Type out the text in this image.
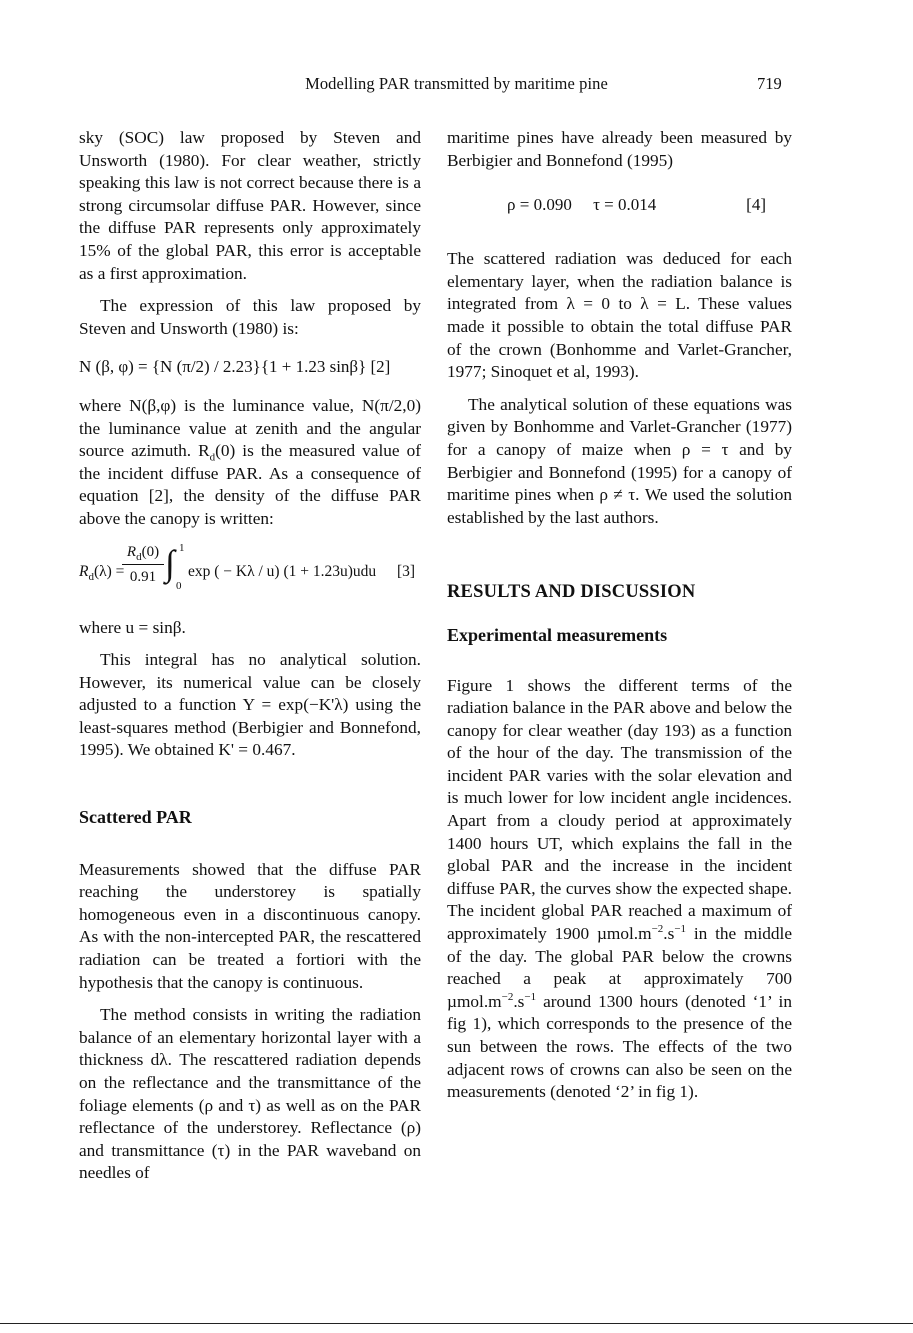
Modelling PAR transmitted by maritime pine	719

sky (SOC) law proposed by Steven and Unsworth (1980). For clear weather, strictly speaking this law is not correct because there is a strong circumsolar diffuse PAR. However, since the diffuse PAR represents only approximately 15% of the global PAR, this error is acceptable as a first approximation.

The expression of this law proposed by Steven and Unsworth (1980) is:

N (β, φ) = {N (π/2) / 2.23}{1 + 1.23 sinβ} [2]

where N(β,φ) is the luminance value, N(π/2,0) the luminance value at zenith and the angular source azimuth. $R_d(0)$ is the measured value of the incident diffuse PAR. As a consequence of equation [2], the density of the diffuse PAR above the canopy is written:

$R_d(\lambda)$ =
$R_d(0)$
0.91 ∫ 1
0
exp ( − Kλ / u) (1 + 1.23u)udu [3]

where u = sinβ.

This integral has no analytical solution. However, its numerical value can be closely adjusted to a function Y = exp(−K'λ) using the least-squares method (Berbigier and Bonnefond, 1995). We obtained K' = 0.467.

Scattered PAR

Measurements showed that the diffuse PAR reaching the understorey is spatially homogeneous even in a discontinuous canopy. As with the non-intercepted PAR, the rescattered radiation can be treated a fortiori with the hypothesis that the canopy is continuous.

The method consists in writing the radiation balance of an elementary horizontal layer with a thickness dλ. The rescattered radiation depends on the reflectance and the transmittance of the foliage elements (ρ and τ) as well as on the PAR reflectance of the understorey. Reflectance (ρ) and transmittance (τ) in the PAR waveband on needles of

maritime pines have already been measured by Berbigier and Bonnefond (1995)

ρ = 0.090     τ = 0.014	[4]

The scattered radiation was deduced for each elementary layer, when the radiation balance is integrated from λ = 0 to λ = L. These values made it possible to obtain the total diffuse PAR of the crown (Bonhomme and Varlet-Grancher, 1977; Sinoquet et al, 1993).

The analytical solution of these equations was given by Bonhomme and Varlet-Grancher (1977) for a canopy of maize when ρ = τ and by Berbigier and Bonnefond (1995) for a canopy of maritime pines when ρ ≠ τ. We used the solution established by the last authors.

RESULTS AND DISCUSSION
Experimental measurements

Figure 1 shows the different terms of the radiation balance in the PAR above and below the canopy for clear weather (day 193) as a function of the hour of the day. The transmission of the incident PAR varies with the solar elevation and is much lower for low incident angle incidences. Apart from a cloudy period at approximately 1400 hours UT, which explains the fall in the global PAR and the increase in the incident diffuse PAR, the curves show the expected shape. The incident global PAR reached a maximum of approximately 1900 $\mu mol.m^{-2}.s^{-1}$ in the middle of the day. The global PAR below the crowns reached a peak at approximately 700 $\mu mol.m^{-2}.s^{-1}$ around 1300 hours (denoted ‘1’ in fig 1), which corresponds to the presence of the sun between the rows. The effects of the two adjacent rows of crowns can also be seen on the measurements (denoted ‘2’ in fig 1).
